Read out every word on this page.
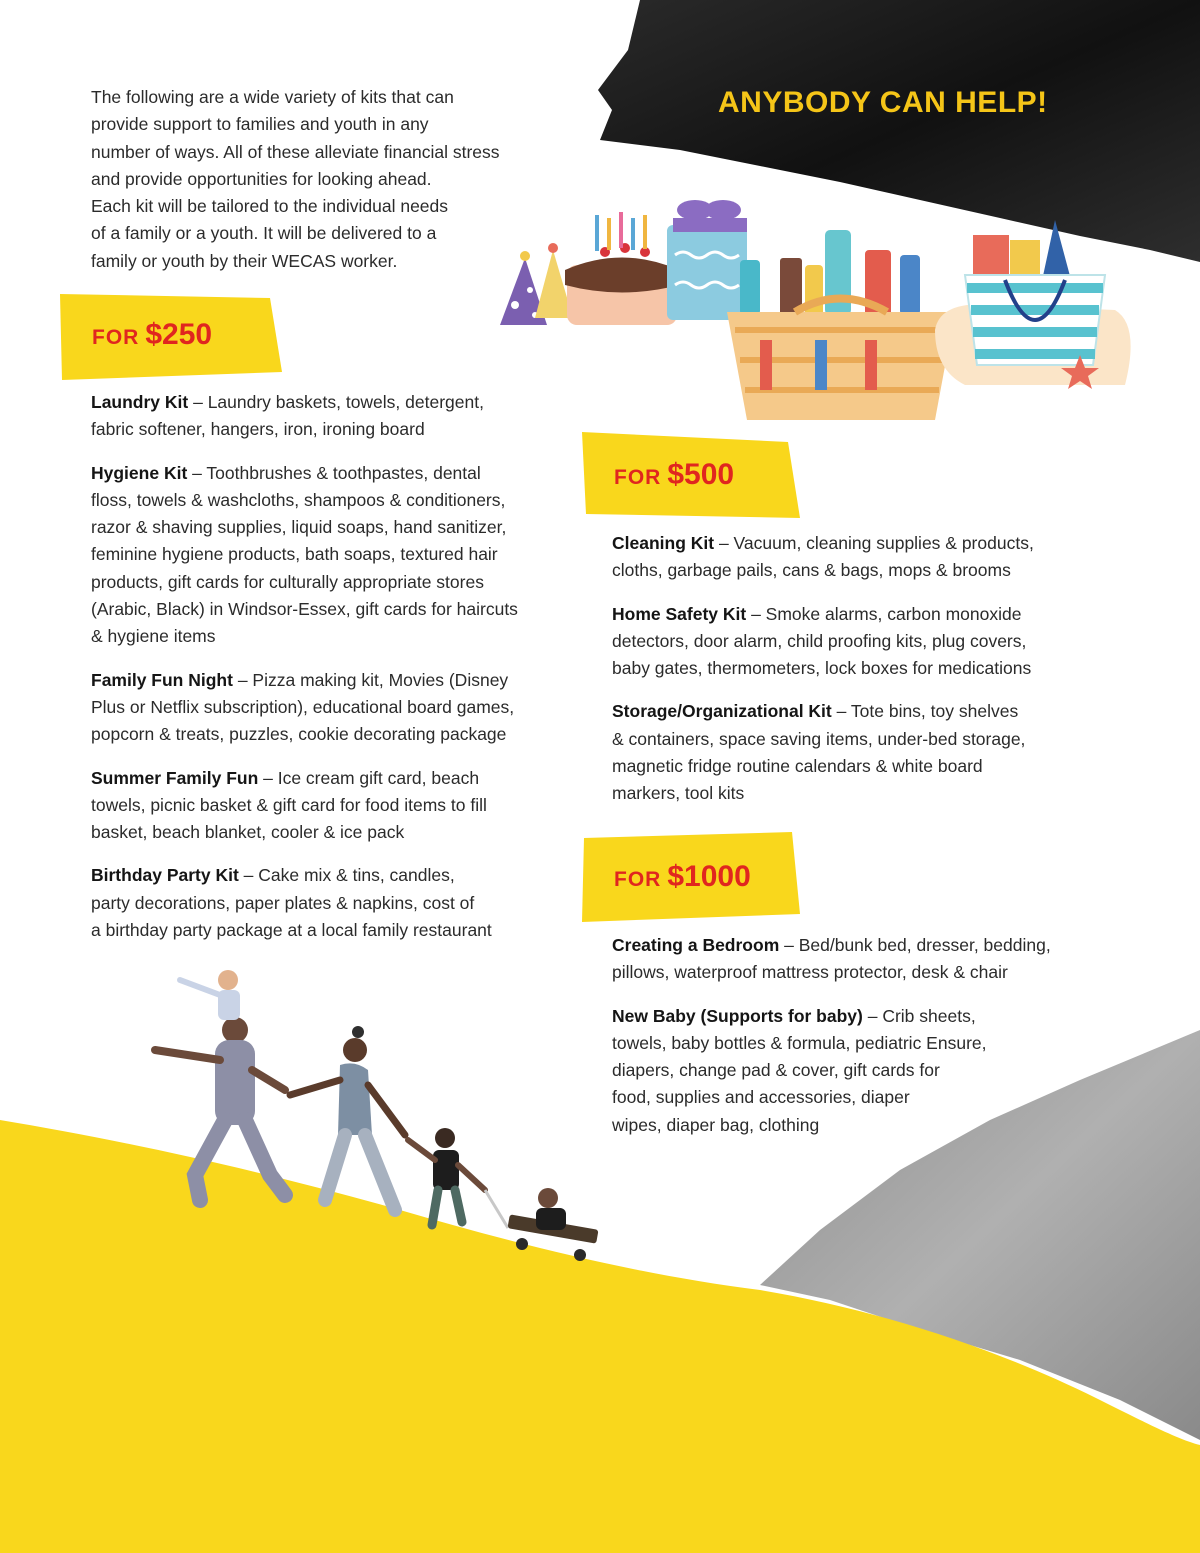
ANYBODY CAN HELP!

The following are a wide variety of kits that can
provide support to families and youth in any
number of ways. All of these alleviate financial stress
and provide opportunities for looking ahead.
Each kit will be tailored to the individual needs
of a family or a youth. It will be delivered to a
family or youth by their WECAS worker.

FOR $250
Laundry Kit – Laundry baskets, towels, detergent,
fabric softener, hangers, iron, ironing board
Hygiene Kit – Toothbrushes & toothpastes, dental
floss, towels & washcloths, shampoos & conditioners,
razor & shaving supplies, liquid soaps, hand sanitizer,
feminine hygiene products, bath soaps, textured hair
products, gift cards for culturally appropriate stores
(Arabic, Black) in Windsor-Essex, gift cards for haircuts
& hygiene items
Family Fun Night – Pizza making kit, Movies (Disney
Plus or Netflix subscription), educational board games,
popcorn & treats, puzzles, cookie decorating package
Summer Family Fun – Ice cream gift card, beach
towels, picnic basket & gift card for food items to fill
basket, beach blanket, cooler & ice pack
Birthday Party Kit – Cake mix & tins, candles,
party decorations, paper plates & napkins, cost of
a birthday party package at a local family restaurant
FOR $500
Cleaning Kit – Vacuum, cleaning supplies & products,
cloths, garbage pails, cans & bags, mops & brooms
Home Safety Kit – Smoke alarms, carbon monoxide
detectors, door alarm, child proofing kits, plug covers,
baby gates, thermometers, lock boxes for medications
Storage/Organizational Kit – Tote bins, toy shelves
& containers, space saving items, under-bed storage,
magnetic fridge routine calendars & white board
markers, tool kits
FOR $1000
Creating a Bedroom – Bed/bunk bed, dresser, bedding,
pillows, waterproof mattress protector, desk & chair
New Baby (Supports for baby) – Crib sheets,
towels, baby bottles & formula, pediatric Ensure,
diapers, change pad & cover, gift cards for
food, supplies and accessories, diaper
wipes, diaper bag, clothing
